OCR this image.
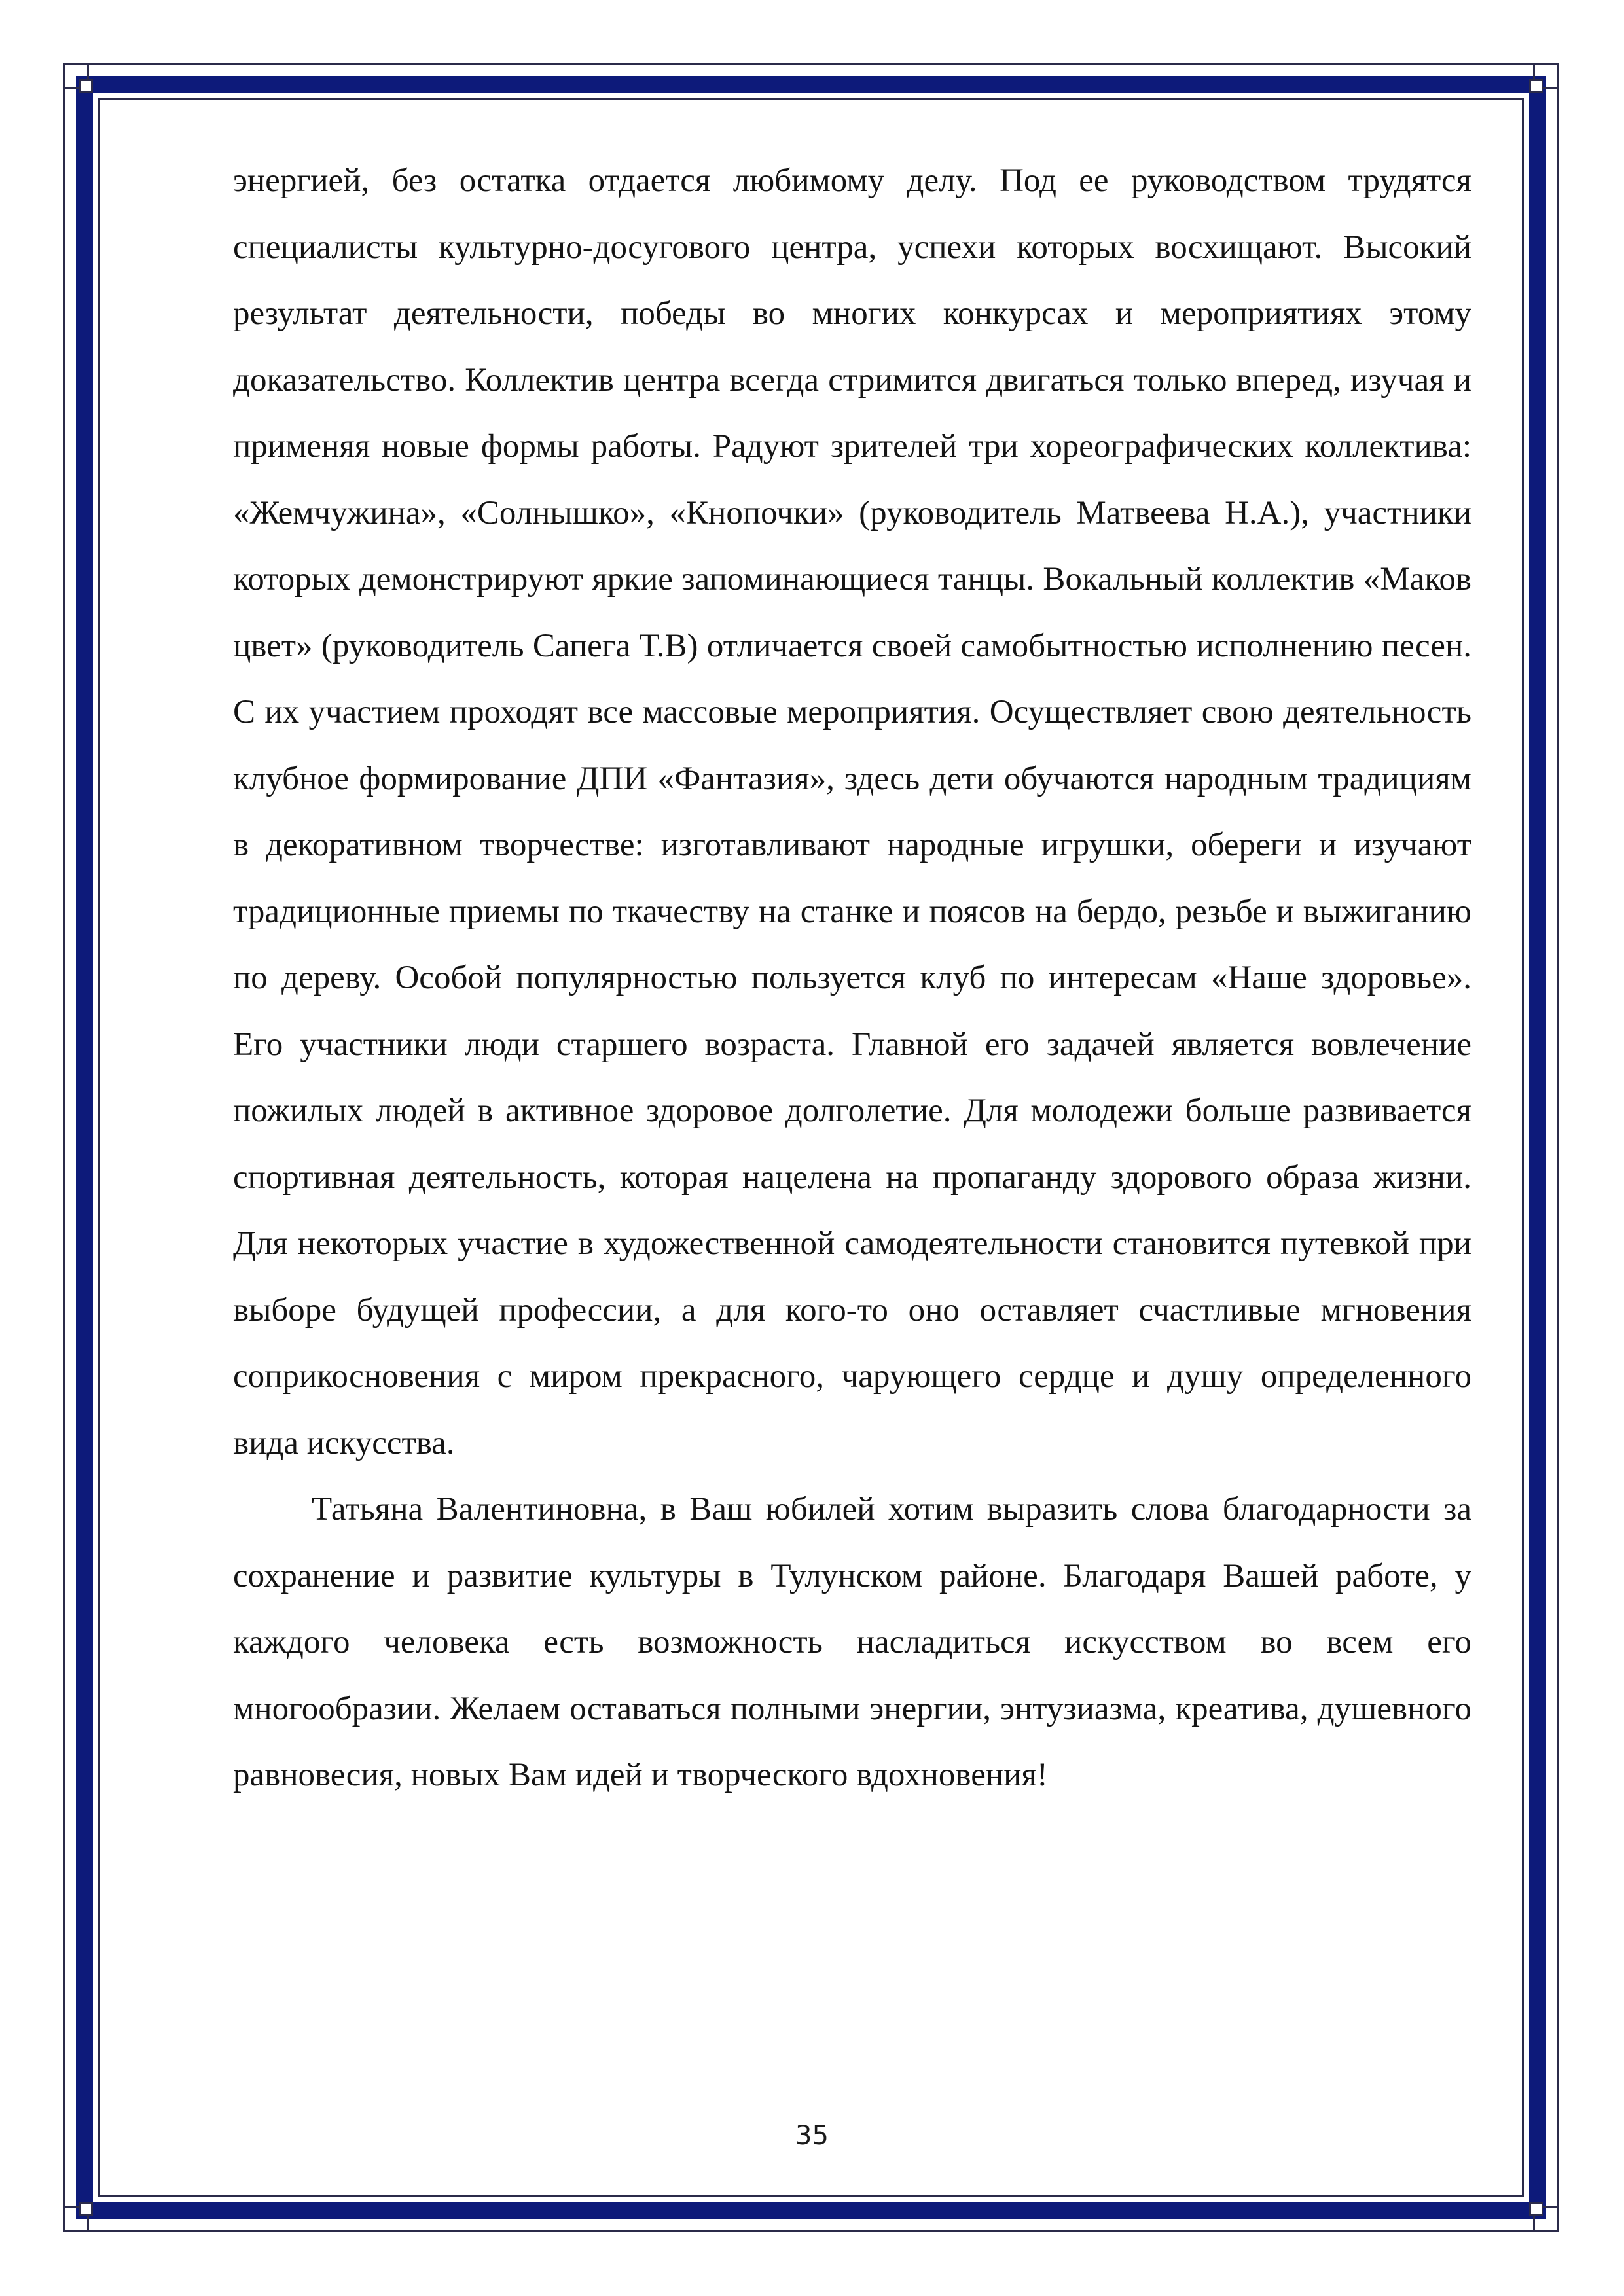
энергией, без остатка отдается любимому делу. Под ее руководством трудятся специалисты культурно-досугового центра, успехи которых восхищают. Высокий результат деятельности, победы во многих конкурсах и мероприятиях этому доказательство. Коллектив центра всегда стримится двигаться только вперед, изучая и применяя новые формы работы. Радуют зрителей три хореографических коллектива: «Жемчужина», «Солнышко», «Кнопочки» (руководитель Матвеева Н.А.), участники которых демонстрируют яркие запоминающиеся танцы. Вокальный коллектив «Маков цвет» (руководитель Сапега Т.В) отличается своей самобытностью исполнению песен. С их участием проходят все массовые мероприятия. Осуществляет свою деятельность клубное формирование ДПИ «Фантазия», здесь дети обучаются народным традициям в декоративном творчестве: изготавливают народные игрушки, обереги и изучают традиционные приемы по ткачеству на станке и поясов на бердо, резьбе и выжиганию по дереву. Особой популярностью пользуется клуб по интересам «Наше здоровье». Его участники люди старшего возраста. Главной его задачей является вовлечение пожилых людей в активное здоровое долголетие. Для молодежи больше развивается спортивная деятельность, которая нацелена на пропаганду здорового образа жизни. Для некоторых участие в художественной самодеятельности становится путевкой при выборе будущей профессии, а для кого-то оно оставляет счастливые мгновения соприкосновения с миром прекрасного, чарующего сердце и душу определенного вида искусства.

Татьяна Валентиновна, в Ваш юбилей хотим выразить слова благодарности за сохранение и развитие культуры в Тулунском районе. Благодаря Вашей работе, у каждого человека есть возможность насладиться искусством во всем его многообразии. Желаем оставаться полными энергии, энтузиазма, креатива, душевного равновесия, новых Вам идей и творческого вдохновения!

35
